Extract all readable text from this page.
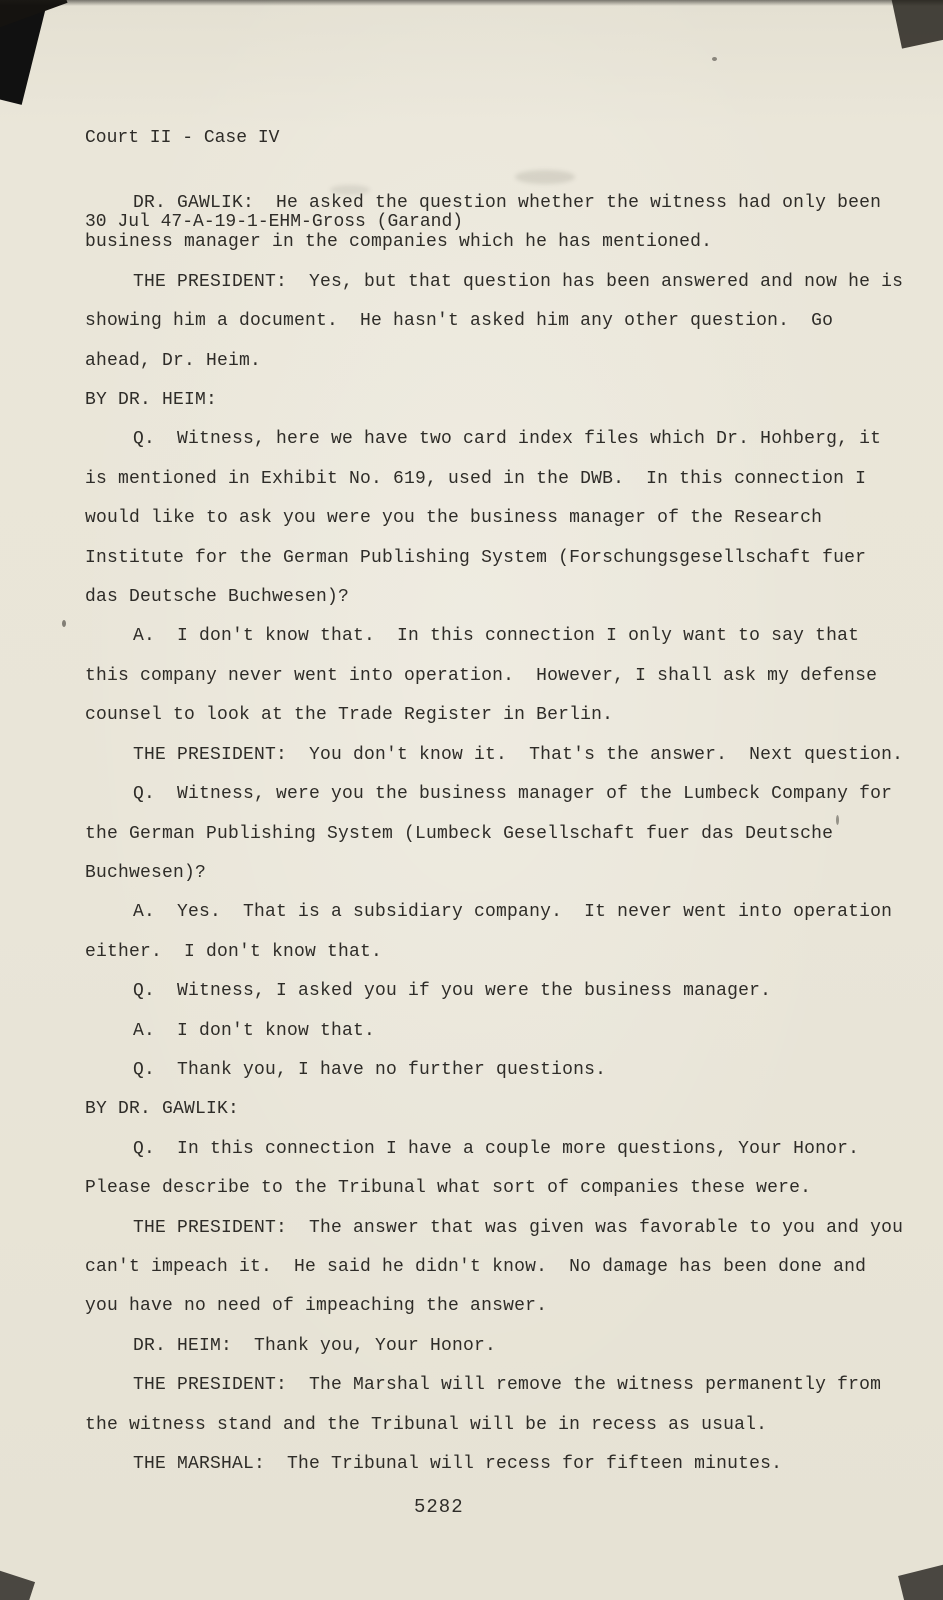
Court II - Case IV

30 Jul 47-A-19-1-EHM-Gross (Garand)

DR. GAWLIK:  He asked the question whether the witness had only been business manager in the companies which he has mentioned.
THE PRESIDENT:  Yes, but that question has been answered and now he is showing him a document.  He hasn't asked him any other question.  Go ahead, Dr. Heim.
BY DR. HEIM:
Q.  Witness, here we have two card index files which Dr. Hohberg, it is mentioned in Exhibit No. 619, used in the DWB.  In this connection I would like to ask you were you the business manager of the Research Institute for the German Publishing System (Forschungsgesellschaft fuer das Deutsche Buchwesen)?
A.  I don't know that.  In this connection I only want to say that this company never went into operation.  However, I shall ask my defense counsel to look at the Trade Register in Berlin.
THE PRESIDENT:  You don't know it.  That's the answer.  Next question.
Q.  Witness, were you the business manager of the Lumbeck Company for the German Publishing System (Lumbeck Gesellschaft fuer das Deutsche Buchwesen)?
A.  Yes.  That is a subsidiary company.  It never went into operation either.  I don't know that.
Q.  Witness, I asked you if you were the business manager.
A.  I don't know that.
Q.  Thank you, I have no further questions.
BY DR. GAWLIK:
Q.  In this connection I have a couple more questions, Your Honor.  Please describe to the Tribunal what sort of companies these were.
THE PRESIDENT:  The answer that was given was favorable to you and you can't impeach it.  He said he didn't know.  No damage has been done and you have no need of impeaching the answer.
DR. HEIM:  Thank you, Your Honor.
THE PRESIDENT:  The Marshal will remove the witness permanently from the witness stand and the Tribunal will be in recess as usual.
THE MARSHAL:  The Tribunal will recess for fifteen minutes.
5282
